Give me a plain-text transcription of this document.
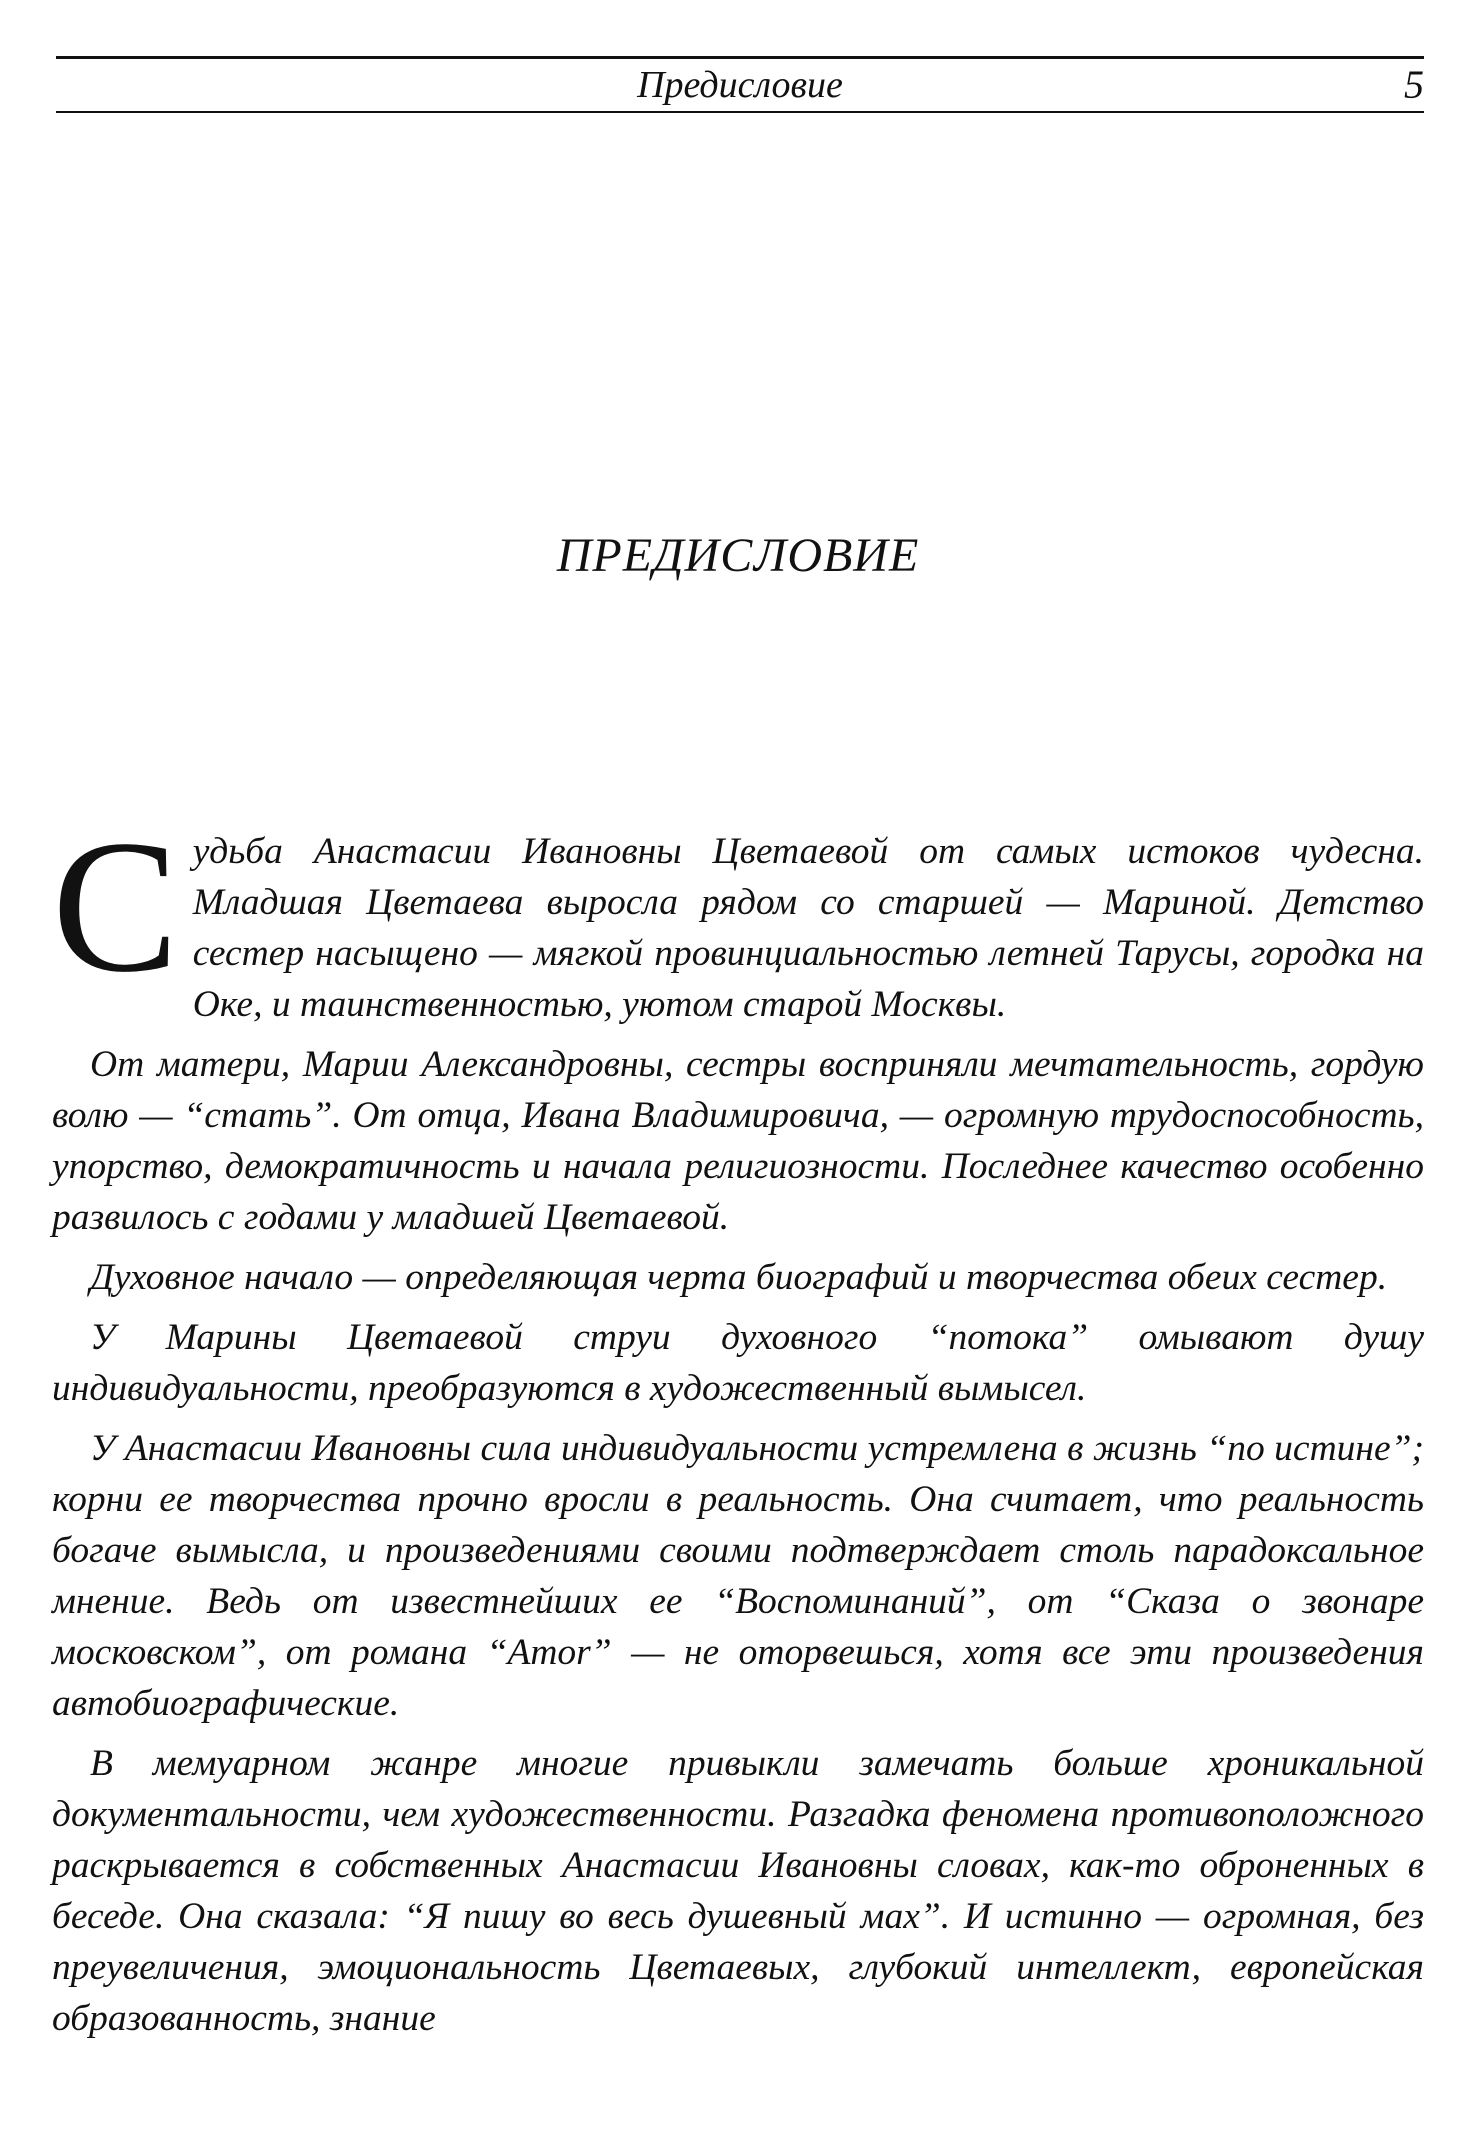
Предисловие	5
ПРЕДИСЛОВИЕ

Судьба Анастасии Ивановны Цветаевой от самых истоков чудесна. Младшая Цветаева выросла рядом со старшей — Мариной. Детство сестер насыщено — мягкой провинциальностью летней Тарусы, городка на Оке, и таинственностью, уютом старой Москвы.

От матери, Марии Александровны, сестры восприняли мечтательность, гордую волю — “стать”. От отца, Ивана Владимировича, — огромную трудоспособность, упорство, демократичность и начала религиозности. Последнее качество особенно развилось с годами у младшей Цветаевой.

Духовное начало — определяющая черта биографий и творчества обеих сестер.

У Марины Цветаевой струи духовного “потока” омывают душу индивидуальности, преобразуются в художественный вымысел.

У Анастасии Ивановны сила индивидуальности устремлена в жизнь “по истине”; корни ее творчества прочно вросли в реальность. Она считает, что реальность богаче вымысла, и произведениями своими подтверждает столь парадоксальное мнение. Ведь от известнейших ее “Воспоминаний”, от “Сказа о звонаре московском”, от романа “Amor” — не оторвешься, хотя все эти произведения автобиографические.

В мемуарном жанре многие привыкли замечать больше хроникальной документальности, чем художественности. Разгадка феномена противоположного раскрывается в собственных Анастасии Ивановны словах, как-то оброненных в беседе. Она сказала: “Я пишу во весь душевный мах”. И истинно — огромная, без преувеличения, эмоциональность Цветаевых, глубокий интеллект, европейская образованность, знание
